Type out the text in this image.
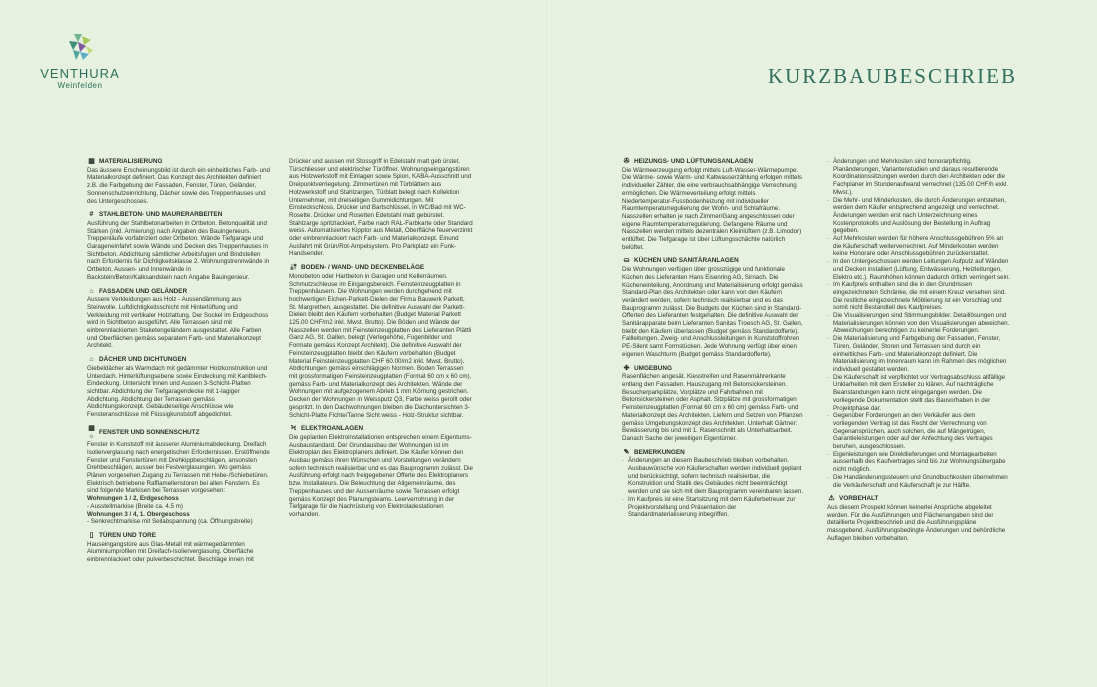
VENTHURA
Weinfelden
▦ MATERIALISIERUNG

Das äussere Erscheinungsbild ist durch ein einheitliches Farb- und Materialkonzept definiert. Das Konzept des Architekten definiert z.B. die Farbgebung der Fassaden, Fenster, Türen, Geländer, Sonnenschutzeinrichtung, Dächer sowie des Treppenhauses und des Untergeschosses.

# STAHLBETON- UND MAURERARBEITEN

Ausführung der Stahlbetonarbeiten in Ortbeton. Betonqualität und Stärken (inkl. Armierung) nach Angaben des Bauingenieurs. Treppenläufe vorfabriziert oder Ortbeton. Wände Tiefgarage und Garageneinfahrt sowie Wände und Decken des Treppenhauses in Sichtbeton. Abdichtung sämtlicher Arbeitsfugen und Bindstellen nach Erfordernis für Dichtigkeitsklasse 2. Wohnungstrennwände in Ortbeton. Aussen- und Innenwände in Backstein/Beton/Kalksandstein nach Angabe Bauingenieur.

⌂ FASSADEN UND GELÄNDER

Aussere Verkleidungen aus Holz - Aussendämmung aus Steinwolle. Luftdichtigkeitsschicht mit Hinterlüftung und Verkleidung mit vertikaler Holzlattung. Der Sockel im Erdgeschoss wird in Sichtbeton ausgeführt. Alle Terrassen sind mit einbrennlackierten Staketengeländern ausgestattet. Alle Farben und Oberflächen gemäss separatem Farb- und Materialkonzept Architekt.

⌂ DÄCHER UND DICHTUNGEN

Giebeldächer als Warmdach mit gedämmter Holzkonstruktion und Unterdach. Hinterlüftungsebene sowie Eindeckung mit Kantblech-Eindeckung. Untersicht Innen und Aussen 3-Schicht-Platten sichtbar. Abdichtung der Tiefgaragendecke mit 1-lagiger Abdichtung. Abdichtung der Terrassen gemäss Abdichtungskonzept. Gebäudeseitige Anschlüsse wie Fensteranschlüsse mit Flüssigkunststoff abgedichtet.

▦ ☼
FENSTER UND SONNENSCHUTZ

Fenster in Kunststoff mit äusserer Aluminiumabdeckung. Dreifach Isolierverglasung nach energetischen Erfordernissen. Erstöffnende Fenster und Fenstertüren mit Drehkippbeschlägen, ansonsten Drehbeschlägen, ausser bei Festverglasungen. Wo gemäss Plänen vorgesehen Zugang zu Terrassen mit Hebe-/Schiebetüren. Elektrisch betriebene Raffiamellenstoren bei allen Fenstern. Es sind folgende Markisen bei Terrassen vorgesehen:

Wohnungen 1 / 2, Erdgeschoss
- Ausstellmarkise (Breite ca. 4.5 m)
Wohnungen 3 / 4, 1. Obergeschoss
- Senkrechtmarkise mit Seilabspannung (ca. Öffnungsbreite)
▯ TÜREN UND TORE

Hauseingangstüre aus Glas-Metall mit wärmegedämmten Aluminiumprofilen mit Dreifach-Isolierverglasung. Oberfläche einbrennlackiert oder pulverbeschichtet. Beschläge innen mit

Drücker und aussen mit Stossgriff in Edelstahl matt geb ürstet. Türschliesser und elektrischer Türöffner. Wohnungseingangstüren aus Holzwerkstoff mit Einlagen sowie Spion, KABA-Ausschnitt und Dreipunktverriegelung. Zimmertüren mit Türblättern aus Holzwerkstoff und Stahlzargen, Türblatt belegt nach Kollektion Unternehmer, mit dreiseitigen Gummidichtungen. Mit Einsteckschloss, Drücker und Bartschlüssel, in WC/Bad mit WC-Rosette. Drücker und Rosetten Edelstahl matt gebürstet. Stahlzarge spritzlackiert, Farbe nach RAL-Farbkarte oder Standard weiss. Automatisiertes Kipptor aus Metall, Oberfläche feuerverzinkt oder einbrennlackiert nach Farb- und Materialkonzept. Einund Ausfahrt mit Grün/Rot-Ampelsystem. Pro Parkplatz ein Funk-Handsender.

⤓⤒ BODEN- / WAND- UND DECKENBELÄGE

Monobeton oder Hartbeton in Garagen und Kellerräumen. Schmutzschleuse im Eingangsbereich. Feinsteinzeugplatten in Treppenhäusern. Die Wohnungen werden durchgehend mit hochwertigen Eichen-Parkett-Dielen der Firma Bauwerk Parkett, St. Margrethen, ausgestattet. Die definitive Auswahl der Parkett-Dielen bleibt den Käufern vorbehalten (Budget Material Parkett 125.00 CHF/m2 inkl. Mwst. Brutto). Die Böden und Wände der Nasszellen werden mit Feinsteinzeugplatten des Lieferanten Plättli Ganz AG, St. Gallen, belegt (Verlegehöhe, Fugenbilder und Formate gemäss Konzept Architekt). Die definitive Auswahl der Feinsteinzeugplatten bleibt den Käufern vorbehalten (Budget Material Feinsteinzeugplatten CHF 60.00/m2 inkl. Mwst. Brutto). Abdichtungen gemäss einschlägigen Normen. Boden Terrassen mit grossformatigen Feinsteinzeugplatten (Format 60 cm x 60 cm), gemäss Farb- und Materialkonzept des Architekten. Wände der Wohnungen mit aufgezogenem Abrieb 1 mm Körnung gestrichen. Decken der Wohnungen in Weissputz Q3, Farbe weiss gerollt oder gespritzt. In den Dachwohnungen bleiben die Dachuntersichten 3-Schicht-Platte Fichte/Tanne Sicht weiss - Holz-Struktur sichtbar.

Ϟ ELEKTROANLAGEN

Die geplanten Elektroinstallationen entsprechen einem Eigentums-Ausbaustandard. Der Grundausbau der Wohnungen ist im Elektroplan des Elektroplaners definiert. Die Käufer können den Ausbau gemäss ihren Wünschen und Vorstellungen verändern sofern technisch realisierbar und es das Bauprogramm zulässt. Die Ausführung erfolgt nach freigegebener Offerte des Elektroplaners bzw. Installateurs. Die Beleuchtung der Allgemeinräume, des Treppenhauses und der Aussenräume sowie Terrassen erfolgt gemäss Konzept des Planungsteams. Leerverrohrung in der Tiefgarage für die Nachrüstung von Elektroladestationen vorhanden.

KURZBAUBESCHRIEB
✇ HEIZUNGS- UND LÜFTUNGSANLAGEN

Die Wärmeerzeugung erfolgt mittels Luft-Wasser-Wärmepumpe. Die Wärme- sowie Warm- und Kaltwasserzählung erfolgen mittels individueller Zähler, die eine verbrauchsabhängige Verrechnung ermöglichen. Die Wärmeverteilung erfolgt mittels Niedertemperatur-Fussbodenheizung mit individueller Raumtemperaturregulierung der Wohn- und Schlafräume. Nasszellen erhalten je nach Zimmer/Gang angeschlossen oder eigene Raumtemperaturregulierung. Gefangene Räume und Nasszellen werden mittels dezentralen Kleinlüftern (z.B. Limodor) entlüftet. Die Tiefgarage ist über Lüftungsschächte natürlich belüftet.

⛀ KÜCHEN UND SANITÄRANLAGEN

Die Wohnungen verfügen über grosszügige und funktionale Küchen des Lieferanten Hans Eisenring AG, Sirnach. Die Kücheneinteilung, Anordnung und Materialisierung erfolgt gemäss Standard-Plan des Architekten oder kann von den Käufern verändert werden, sofern technisch realisierbar und es das Bauprogramm zulässt. Die Budgets der Küchen sind in Standard-Offerten des Lieferanten festgehalten. Die definitive Auswahl der Sanitärapparate beim Lieferanten Sanitas Troesch AG, St. Gallen, bleibt den Käufern überlassen (Budget gemäss Standardofferte). Fallleitungen, Zweig- und Anschlussleitungen in Kunststoffrohren PE-Silent samt Formstücken. Jede Wohnung verfügt über einen eigenen Waschturm (Budget gemäss Standardofferte).

✤ UMGEBUNG

Rasenflächen angesät. Kiesstreifen und Rasenmährerkante entlang den Fassaden. Hauszugang mit Betonsickersteinen. Besucherparkplätze, Vorplätze und Fahrbahnen mit Betonsickersteinen oder Asphalt. Sitzplätze mit grossformatigen Feinsteinzeugplatten (Format 60 cm x 60 cm) gemäss Farb- und Materialkonzept des Architekten. Liefern und Setzen von Pflanzen gemäss Umgebungskonzept des Architekten. Unterhalt Gärtner: Bewässerung bis und mit 1. Rasenschnitt als Unterhaltsarbeit. Danach Sache der jeweiligen Eigentümer.

✎ BEMERKUNGEN
· Änderungen an diesem Baubeschrieb bleiben vorbehalten. Ausbauwünsche von Käuferschaften werden individuell geplant und berücksichtigt, sofern technisch realisierbar, die Konstruktion und Statik des Gebäudes nicht beeinträchtigt werden und sie sich mit dem Bauprogramm vereinbaren lassen.
· Im Kaufpreis ist eine Startsitzung mit dem Käuferbetreuer zur Projektvorstellung und Präsentation der Standardmaterialisierung inbegriffen.
· Änderungen und Mehrkosten sind honorarpflichtig. Planänderungen, Variantenstudien und daraus resultierende Koordinationssitzungen werden durch den Architekten oder die Fachplaner im Stundenaufwand verrechnet (135.00 CHF/h exkl. Mwst.).
· Die Mehr- und Minderkosten, die durch Änderungen entstehen, werden dem Käufer entsprechend angezeigt und verrechnet. Änderungen werden erst nach Unterzeichnung eines Kostenprotokolls und Auslösung der Bestellung in Auftrag gegeben.
· Auf Mehrkosten werden für höhere Anschlussgebühren 5% an die Käuferschaft weiterverrechnet. Auf Minderkosten werden keine Honorare oder Anschlussgebühren zurückerstattet.
· In den Untergeschossen werden Leitungen Aufputz auf Wänden und Decken installiert (Lüftung, Entwässerung, Heizleitungen, Elektro etc.). Raumhöhen können dadurch örtlich verringert sein.
· Im Kaufpreis enthalten sind die in den Grundrissen eingezeichneten Schränke, die mit einem Kreuz versehen sind. Die restliche eingezeichnete Möblierung ist ein Vorschlag und somit nicht Bestandteil des Kaufpreises.
· Die Visualisierungen sind Stimmungsbilder. Detaillösungen und Materialisierungen können von den Visualisierungen abweichen. Abweichungen berechtigen zu keinerlei Forderungen.
· Die Materialisierung und Farbgebung der Fassaden, Fenster, Türen, Geländer, Storen und Terrassen sind durch ein einheitliches Farb- und Materialkonzept definiert. Die Materialisierung im Innenraum kann im Rahmen des möglichen individuell gestaltet werden.
· Die Käuferschaft ist verpflichtet vor Vertragsabschluss allfällige Unklarheiten mit dem Ersteller zu klären. Auf nachträgliche Beanstandungen kann nicht eingegangen werden. Die vorliegende Dokumentation stellt das Bauvorhaben in der Projektphase dar.
· Gegenüber Forderungen an den Verkäufer aus dem vorliegenden Vertrag ist das Recht der Verrechnung von Gegenansprüchen, auch solchen, die auf Mängelrügen, Garantieleistungen oder auf der Anfechtung des Vertrages beruhen, ausgeschlossen.
· Eigenleistungen wie Direktlieferungen und Montagearbeiten ausserhalb des Kaufvertrages sind bis zur Wohnungsübergabe nicht möglich.
· Die Handänderungssteuern und Grundbuchkosten übernehmen die Verkäuferschaft und Käuferschaft je zur Hälfte.
⚠ VORBEHALT

Aus diesem Prospekt können keinerlei Ansprüche abgeleitet werden. Für die Ausführungen und Flächenangaben sind der detaillierte Projektbeschrieb und die Ausführungspläne massgebend. Ausführungsbedingte Änderungen und behördliche Auflagen bleiben vorbehalten.
